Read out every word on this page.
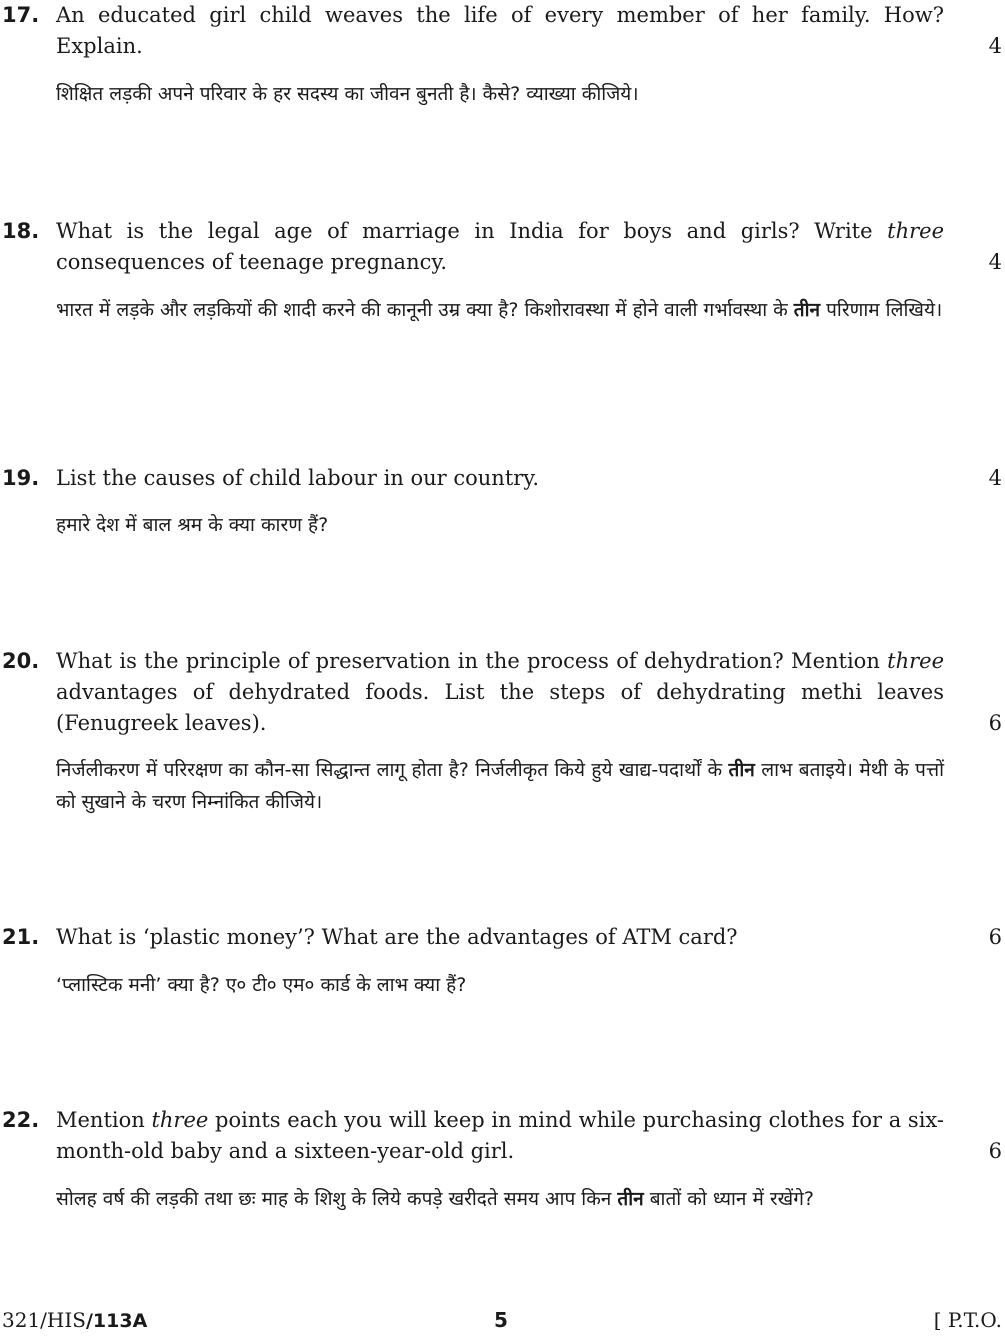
17. An educated girl child weaves the life of every member of her family. How? Explain.
शिक्षित लड़की अपने परिवार के हर सदस्य का जीवन बुनती है। कैसे? व्याख्या कीजिये।
4
18. What is the legal age of marriage in India for boys and girls? Write three consequences of teenage pregnancy.
भारत में लड़के और लड़कियों की शादी करने की कानूनी उम्र क्या है? किशोरावस्था में होने वाली गर्भावस्था के तीन परिणाम लिखिये।
4
19. List the causes of child labour in our country.
हमारे देश में बाल श्रम के क्या कारण हैं?
4
20. What is the principle of preservation in the process of dehydration? Mention three advantages of dehydrated foods. List the steps of dehydrating methi leaves (Fenugreek leaves).
निर्जलीकरण में परिरक्षण का कौन-सा सिद्धान्त लागू होता है? निर्जलीकृत किये हुये खाद्य-पदार्थों के तीन लाभ बताइये। मेथी के पत्तों को सुखाने के चरण निम्नांकित कीजिये।
6
21. What is ‘plastic money’? What are the advantages of ATM card?
‘प्लास्टिक मनी’ क्या है? ए० टी० एम० कार्ड के लाभ क्या हैं?
6
22. Mention three points each you will keep in mind while purchasing clothes for a six-month-old baby and a sixteen-year-old girl.
सोलह वर्ष की लड़की तथा छः माह के शिशु के लिये कपड़े खरीदते समय आप किन तीन बातों को ध्यान में रखेंगे?
6
321/HIS/113A	5	[ P.T.O.
